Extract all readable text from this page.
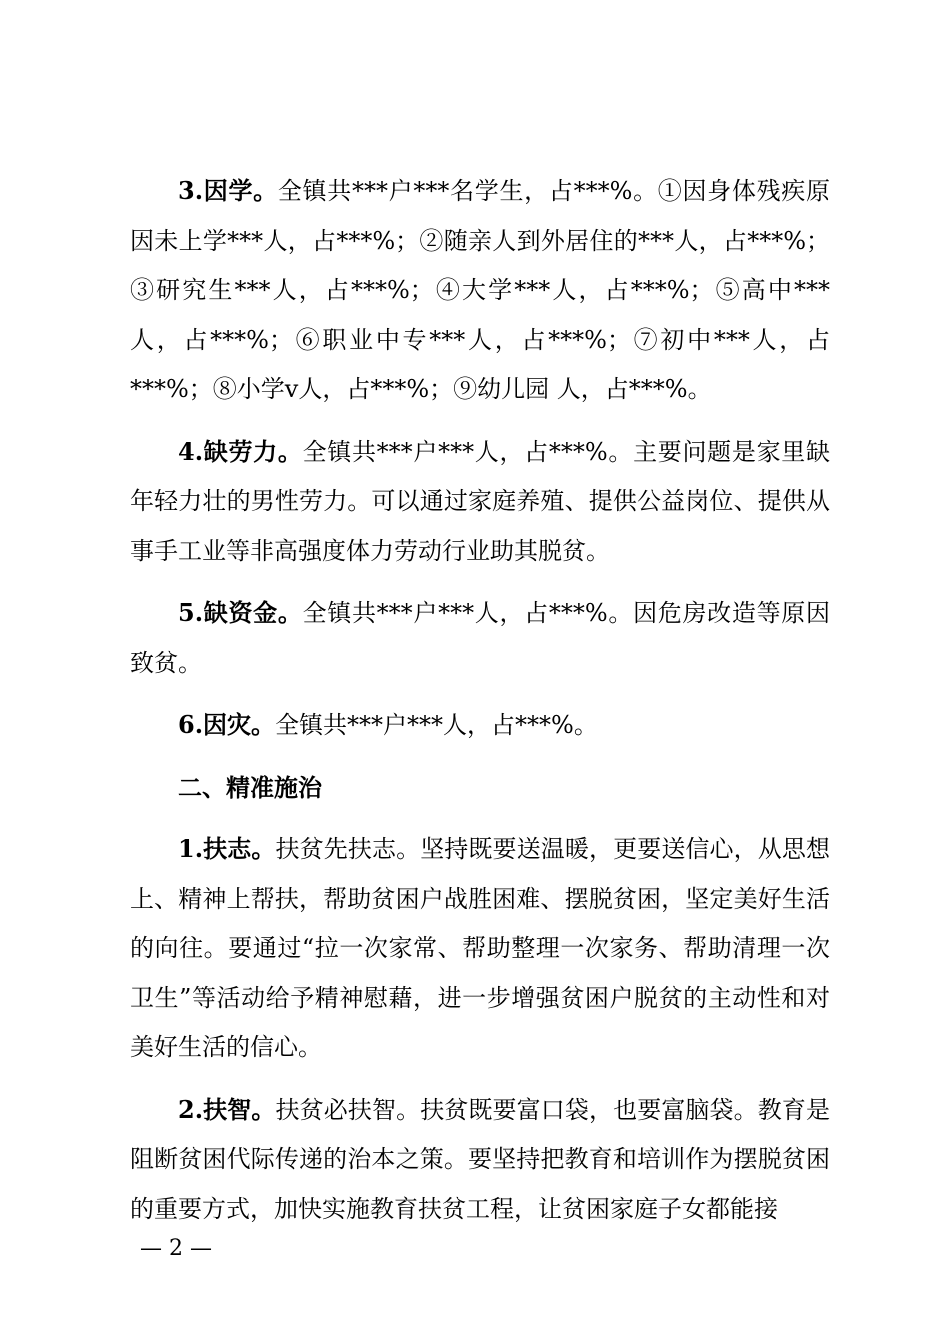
3.因学。全镇共***户***名学生，占***%。①因身体残疾原因未上学***人，占***%；②随亲人到外居住的***人，占***%；③研究生***人，占***%；④大学***人，占***%；⑤高中***人，占***%；⑥职业中专***人，占***%；⑦初中***人，占***%；⑧小学v人，占***%；⑨幼儿园 人，占***%。

4.缺劳力。全镇共***户***人，占***%。主要问题是家里缺年轻力壮的男性劳力。可以通过家庭养殖、提供公益岗位、提供从事手工业等非高强度体力劳动行业助其脱贫。

5.缺资金。全镇共***户***人，占***%。因危房改造等原因致贫。

6.因灾。全镇共***户***人，占***%。

二、精准施治

1.扶志。扶贫先扶志。坚持既要送温暖，更要送信心，从思想上、精神上帮扶，帮助贫困户战胜困难、摆脱贫困，坚定美好生活的向往。要通过“拉一次家常、帮助整理一次家务、帮助清理一次卫生”等活动给予精神慰藉，进一步增强贫困户脱贫的主动性和对美好生活的信心。

2.扶智。扶贫必扶智。扶贫既要富口袋，也要富脑袋。教育是阻断贫困代际传递的治本之策。要坚持把教育和培训作为摆脱贫困的重要方式，加快实施教育扶贫工程，让贫困家庭子女都能接

— 2 —
